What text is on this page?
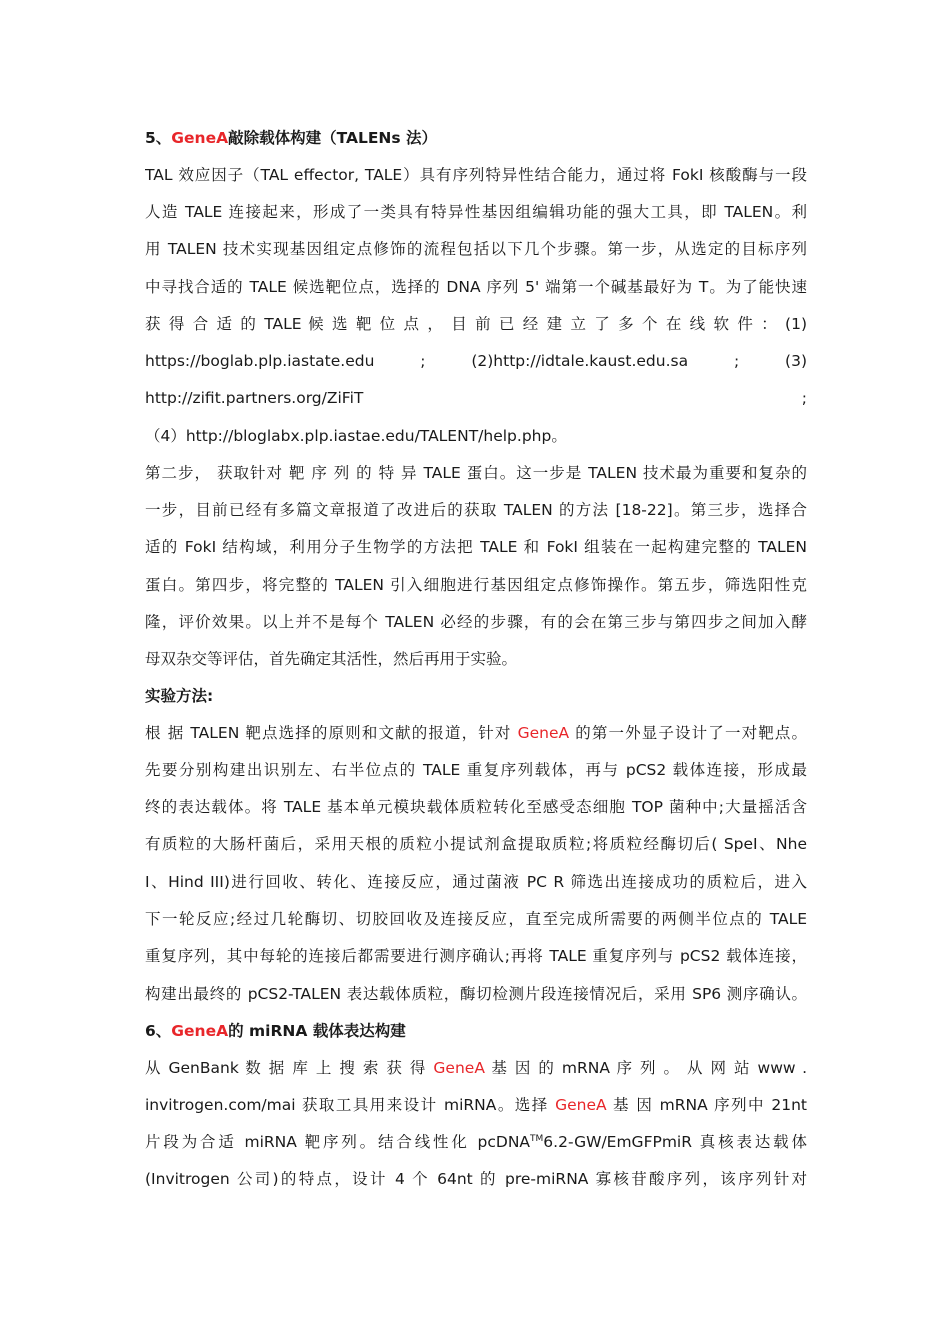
5、GeneA敲除载体构建（TALENs 法）
TAL 效应因子（TAL effector, TALE）具有序列特异性结合能力，通过将 FokI 核酸酶与一段
人造 TALE 连接起来，形成了一类具有特异性基因组编辑功能的强大工具，即 TALEN。利
用 TALEN 技术实现基因组定点修饰的流程包括以下几个步骤。第一步，从选定的目标序列
中寻找合适的 TALE 候选靶位点，选择的 DNA 序列 5' 端第一个碱基最好为 T。为了能快速
获 得 合 适 的 TALE 候 选 靶 位 点 ， 目 前 已 经 建 立 了 多 个 在 线 软 件 ： (1)
https://boglab.plp.iastate.edu ; (2)http://idtale.kaust.edu.sa ; (3)
http://zifit.partners.org/ZiFiT ;
（4）http://bloglabx.plp.iastae.edu/TALENT/help.php。
第二步， 获取针对 靶 序 列 的 特 异 TALE 蛋白。这一步是 TALEN 技术最为重要和复杂的
一步，目前已经有多篇文章报道了改进后的获取 TALEN 的方法 [18-22]。第三步，选择合
适的 FokI 结构域，利用分子生物学的方法把 TALE 和 FokI 组装在一起构建完整的 TALEN
蛋白。第四步，将完整的 TALEN 引入细胞进行基因组定点修饰操作。第五步，筛选阳性克
隆，评价效果。以上并不是每个 TALEN 必经的步骤，有的会在第三步与第四步之间加入酵
母双杂交等评估，首先确定其活性，然后再用于实验。
实验方法:
根 据 TALEN 靶点选择的原则和文献的报道，针对 GeneA 的第一外显子设计了一对靶点。
先要分别构建出识别左、右半位点的 TALE 重复序列载体，再与 pCS2 载体连接，形成最
终的表达载体。将 TALE 基本单元模块载体质粒转化至感受态细胞 TOP 菌种中;大量摇活含
有质粒的大肠杆菌后，采用天根的质粒小提试剂盒提取质粒;将质粒经酶切后( SpeI、Nhe
I、Hind III)进行回收、转化、连接反应，通过菌液 PC R 筛选出连接成功的质粒后，进入
下一轮反应;经过几轮酶切、切胶回收及连接反应，直至完成所需要的两侧半位点的 TALE
重复序列，其中每轮的连接后都需要进行测序确认;再将 TALE 重复序列与 pCS2 载体连接，
构建出最终的 pCS2-TALEN 表达载体质粒，酶切检测片段连接情况后，采用 SP6 测序确认。
6、GeneA的 miRNA 载体表达构建
从 GenBank 数 据 库 上 搜 索 获 得 GeneA 基 因 的 mRNA 序 列 。 从 网 站 www .
invitrogen.com/mai 获取工具用来设计 miRNA。选择 GeneA 基 因 mRNA 序列中 21nt
片段为合适 miRNA 靶序列。结合线性化 pcDNA™6.2-GW/EmGFPmiR 真核表达载体
(Invitrogen 公司)的特点，设计 4 个 64nt 的 pre-miRNA 寡核苷酸序列，该序列针对
